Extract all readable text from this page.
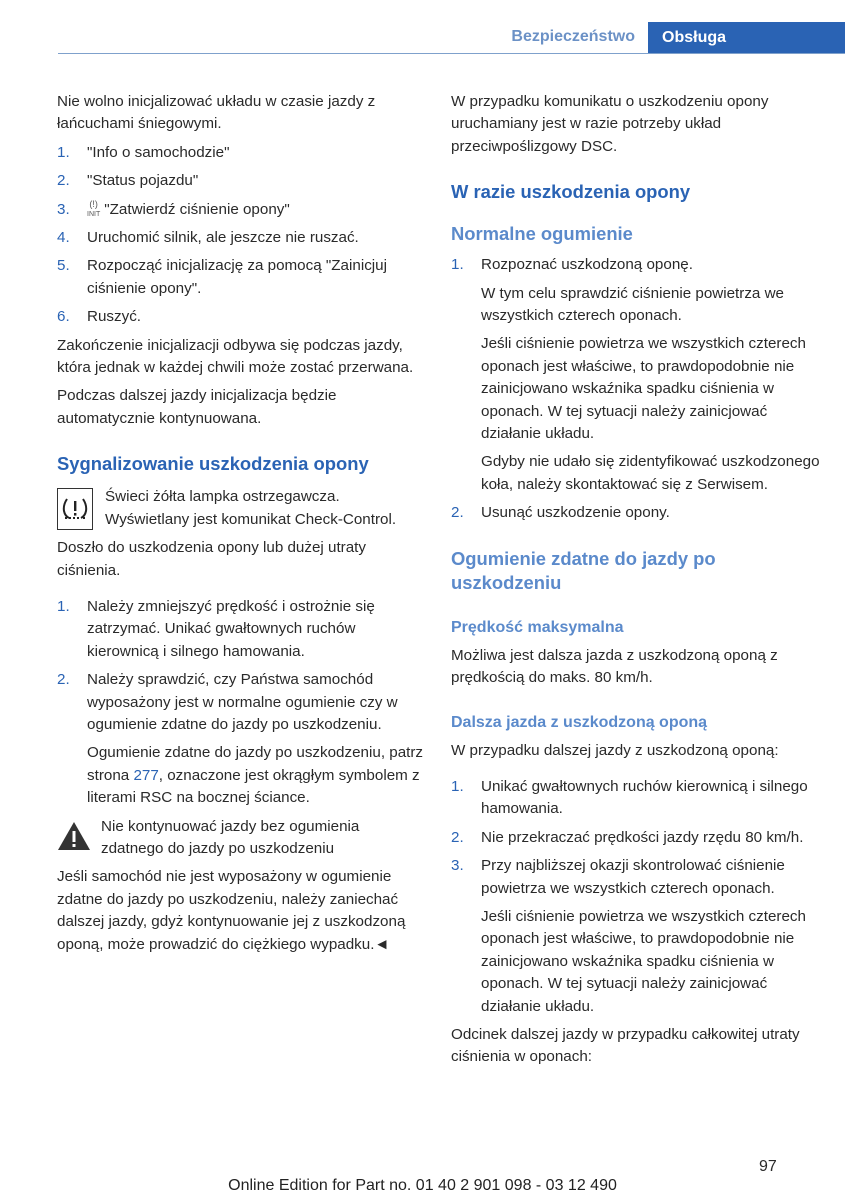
Bezpieczeństwo	Obsługa

Nie wolno inicjalizować układu w czasie jazdy z łańcuchami śniegowymi.

1. "Info o samochodzie"
2. "Status pojazdu"
3. (!)
INIT "Zatwierdź ciśnienie opony"
4. Uruchomić silnik, ale jeszcze nie ruszać.
5. Rozpocząć inicjalizację za pomocą "Zainicjuj ciśnienie opony".
6. Ruszyć.

Zakończenie inicjalizacji odbywa się podczas jazdy, która jednak w każdej chwili może zostać przerwana.

Podczas dalszej jazdy inicjalizacja będzie automatycznie kontynuowana.

Sygnalizowanie uszkodzenia opony
Świeci żółta lampka ostrzegawcza. Wyświetlany jest komunikat Check-Control.

Doszło do uszkodzenia opony lub dużej utraty ciśnienia.

1. Należy zmniejszyć prędkość i ostrożnie się zatrzymać. Unikać gwałtownych ruchów kierownicą i silnego hamowania.
2. Należy sprawdzić, czy Państwa samochód wyposażony jest w normalne ogumienie czy w ogumienie zdatne do jazdy po uszkodzeniu.

Ogumienie zdatne do jazdy po uszkodzeniu, patrz strona 277, oznaczone jest okrągłym symbolem z literami RSC na bocznej ściance.

Nie kontynuować jazdy bez ogumienia zdatnego do jazdy po uszkodzeniu

Jeśli samochód nie jest wyposażony w ogumienie zdatne do jazdy po uszkodzeniu, należy zaniechać dalszej jazdy, gdyż kontynuowanie jej z uszkodzoną oponą, może prowadzić do ciężkiego wypadku.◄

W przypadku komunikatu o uszkodzeniu opony uruchamiany jest w razie potrzeby układ przeciwpoślizgowy DSC.

W razie uszkodzenia opony
Normalne ogumienie
1. Rozpoznać uszkodzoną oponę.

W tym celu sprawdzić ciśnienie powietrza we wszystkich czterech oponach.

Jeśli ciśnienie powietrza we wszystkich czterech oponach jest właściwe, to prawdopodobnie nie zainicjowano wskaźnika spadku ciśnienia w oponach. W tej sytuacji należy zainicjować działanie układu.

Gdyby nie udało się zidentyfikować uszkodzonego koła, należy skontaktować się z Serwisem.

2. Usunąć uszkodzenie opony.
Ogumienie zdatne do jazdy po uszkodzeniu
Prędkość maksymalna

Możliwa jest dalsza jazda z uszkodzoną oponą z prędkością do maks. 80 km/h.

Dalsza jazda z uszkodzoną oponą

W przypadku dalszej jazdy z uszkodzoną oponą:

1. Unikać gwałtownych ruchów kierownicą i silnego hamowania.
2. Nie przekraczać prędkości jazdy rzędu 80 km/h.
3. Przy najbliższej okazji skontrolować ciśnienie powietrza we wszystkich czterech oponach.

Jeśli ciśnienie powietrza we wszystkich czterech oponach jest właściwe, to prawdopodobnie nie zainicjowano wskaźnika spadku ciśnienia w oponach. W tej sytuacji należy zainicjować działanie układu.

Odcinek dalszej jazdy w przypadku całkowitej utraty ciśnienia w oponach:

97
Online Edition for Part no. 01 40 2 901 098 - 03 12 490
